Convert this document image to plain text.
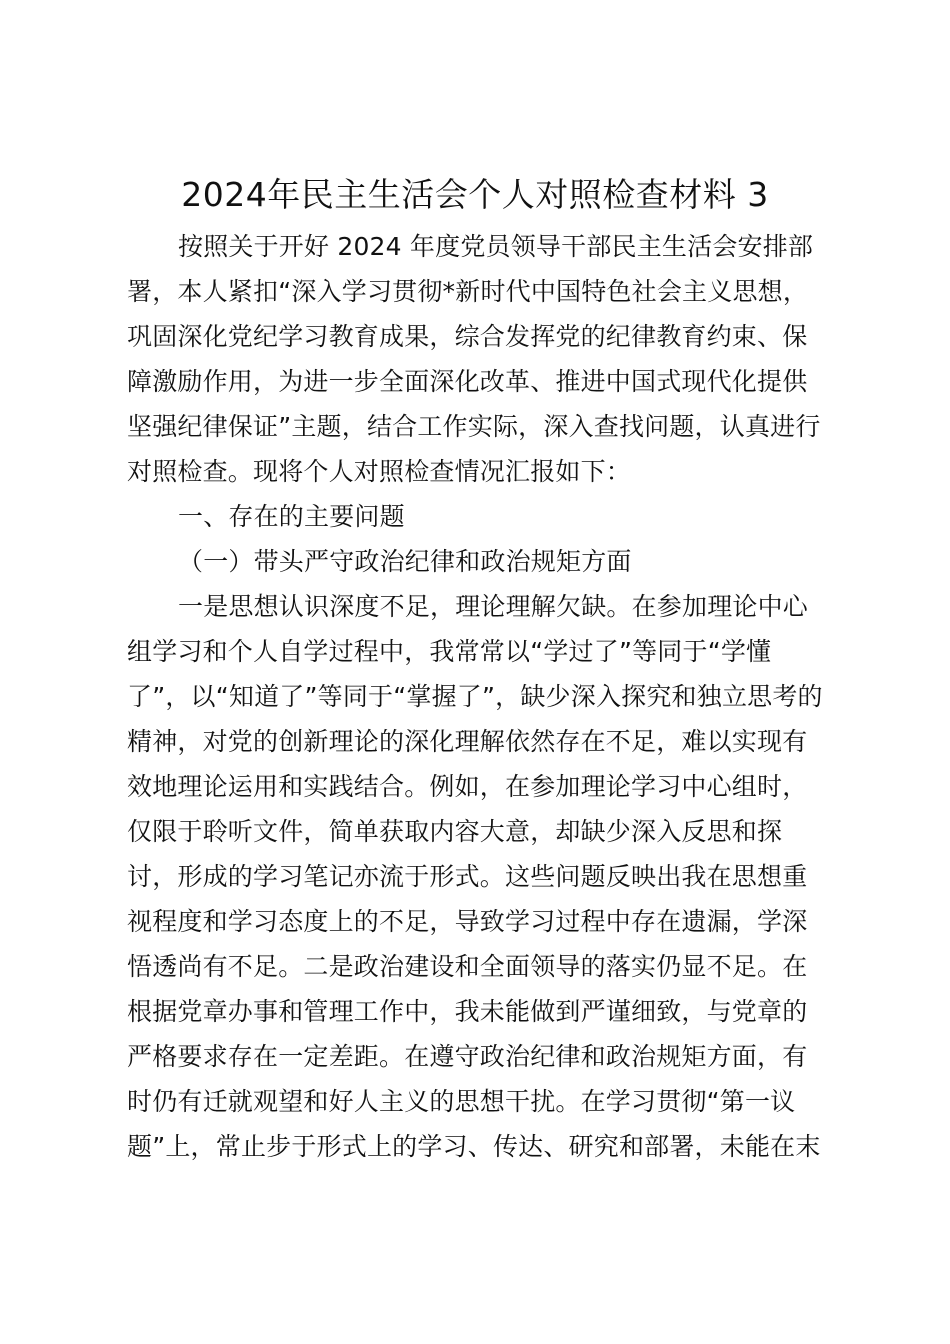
2024年民主生活会个人对照检查材料 3
按照关于开好 2024 年度党员领导干部民主生活会安排部
署，本人紧扣“深入学习贯彻*新时代中国特色社会主义思想，
巩固深化党纪学习教育成果，综合发挥党的纪律教育约束、保
障激励作用，为进一步全面深化改革、推进中国式现代化提供
坚强纪律保证”主题，结合工作实际，深入查找问题，认真进行
对照检查。现将个人对照检查情况汇报如下：
一、存在的主要问题
（一）带头严守政治纪律和政治规矩方面
一是思想认识深度不足，理论理解欠缺。在参加理论中心
组学习和个人自学过程中，我常常以“学过了”等同于“学懂
了”，以“知道了”等同于“掌握了”，缺少深入探究和独立思考的
精神，对党的创新理论的深化理解依然存在不足，难以实现有
效地理论运用和实践结合。例如，在参加理论学习中心组时，
仅限于聆听文件，简单获取内容大意，却缺少深入反思和探
讨，形成的学习笔记亦流于形式。这些问题反映出我在思想重
视程度和学习态度上的不足，导致学习过程中存在遗漏，学深
悟透尚有不足。二是政治建设和全面领导的落实仍显不足。在
根据党章办事和管理工作中，我未能做到严谨细致，与党章的
严格要求存在一定差距。在遵守政治纪律和政治规矩方面，有
时仍有迁就观望和好人主义的思想干扰。在学习贯彻“第一议
题”上，常止步于形式上的学习、传达、研究和部署，未能在末
